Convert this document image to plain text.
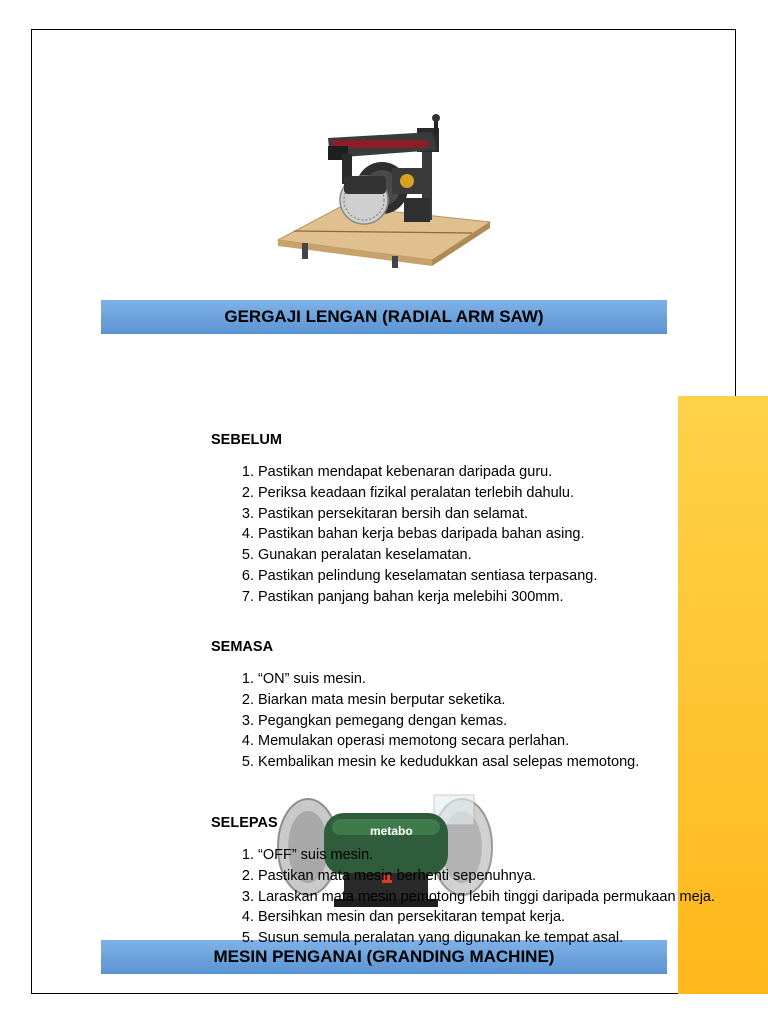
GERGAJI LENGAN (RADIAL ARM SAW)
SEBELUM
1. Pastikan mendapat kebenaran daripada guru.
2. Periksa keadaan fizikal peralatan terlebih dahulu.
3. Pastikan persekitaran bersih dan selamat.
4. Pastikan bahan kerja bebas daripada bahan asing.
5. Gunakan peralatan keselamatan.
6. Pastikan pelindung keselamatan sentiasa terpasang.
7. Pastikan panjang bahan kerja melebihi 300mm.
SEMASA
1. “ON” suis mesin.
2. Biarkan mata mesin berputar seketika.
3. Pegangkan pemegang dengan kemas.
4. Memulakan operasi memotong secara perlahan.
5. Kembalikan mesin ke kedudukkan asal selepas memotong.
metabo
SELEPAS
1. “OFF” suis mesin.
2. Pastikan mata mesin berhenti sepenuhnya.
3. Laraskan mata mesin pemotong lebih tinggi daripada permukaan meja.
4. Bersihkan mesin dan persekitaran tempat kerja.
5. Susun semula peralatan yang digunakan ke tempat asal.
MESIN PENGANAI (GRANDING MACHINE)
